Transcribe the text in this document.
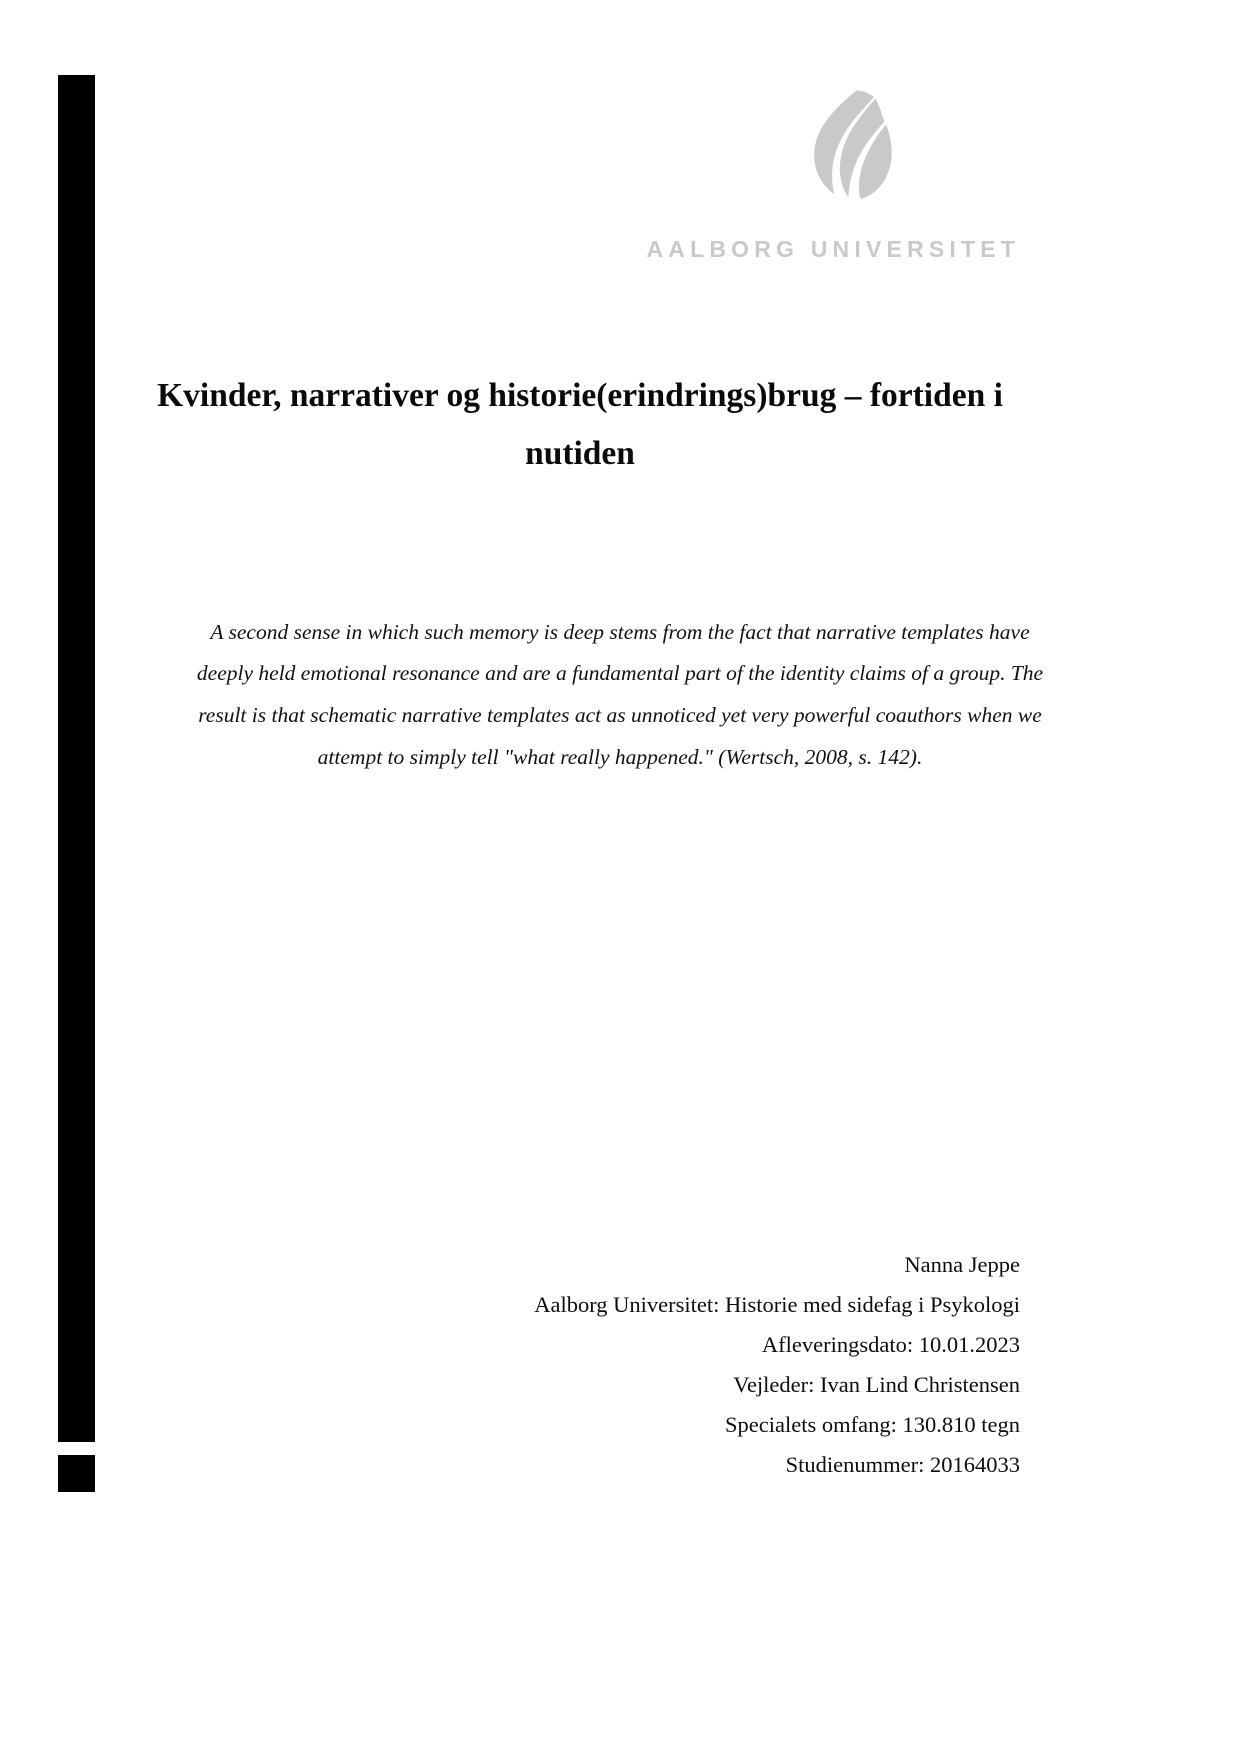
AALBORG UNIVERSITET
Kvinder, narrativer og historie(erindrings)brug – fortiden i nutiden
A second sense in which such memory is deep stems from the fact that narrative templates have deeply held emotional resonance and are a fundamental part of the identity claims of a group. The result is that schematic narrative templates act as unnoticed yet very powerful coauthors when we attempt to simply tell "what really happened." (Wertsch, 2008, s. 142).
Nanna Jeppe
Aalborg Universitet: Historie med sidefag i Psykologi
Afleveringsdato: 10.01.2023
Vejleder: Ivan Lind Christensen
Specialets omfang: 130.810 tegn
Studienummer: 20164033
